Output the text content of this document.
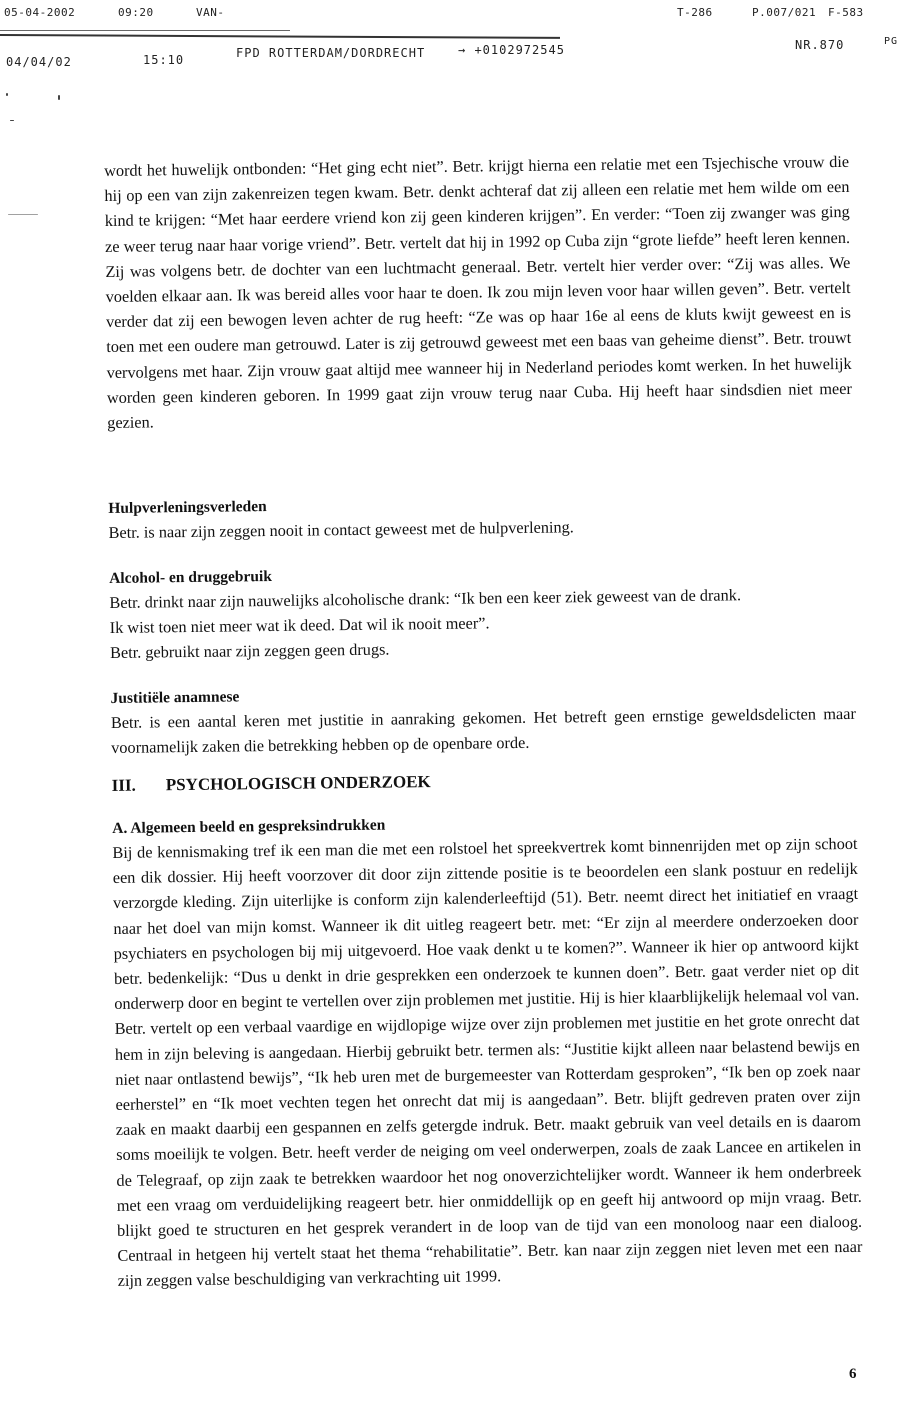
05-04-2002	09:20	VAN-	T-286	P.007/021 F-583
04/04/02	15:10	FPD ROTTERDAM/DORDRECHT	→ +0102972545	NR.870	PG

wordt het huwelijk ontbonden: “Het ging echt niet”. Betr. krijgt hierna een relatie met een Tsjechische vrouw die hij op een van zijn zakenreizen tegen kwam. Betr. denkt achteraf dat zij alleen een relatie met hem wilde om een kind te krijgen: “Met haar eerdere vriend kon zij geen kinderen krijgen”. En verder: “Toen zij zwanger was ging ze weer terug naar haar vorige vriend”. Betr. vertelt dat hij in 1992 op Cuba zijn “grote liefde” heeft leren kennen. Zij was volgens betr. de dochter van een luchtmacht generaal. Betr. vertelt hier verder over: “Zij was alles. We voelden elkaar aan. Ik was bereid alles voor haar te doen. Ik zou mijn leven voor haar willen geven”. Betr. vertelt verder dat zij een bewogen leven achter de rug heeft: “Ze was op haar 16e al eens de kluts kwijt geweest en is toen met een oudere man getrouwd. Later is zij getrouwd geweest met een baas van geheime dienst”. Betr. trouwt vervolgens met haar. Zijn vrouw gaat altijd mee wanneer hij in Nederland periodes komt werken. In het huwelijk worden geen kinderen geboren. In 1999 gaat zijn vrouw terug naar Cuba. Hij heeft haar sindsdien niet meer gezien.

Hulpverleningsverleden

Betr. is naar zijn zeggen nooit in contact geweest met de hulpverlening.

Alcohol- en druggebruik

Betr. drinkt naar zijn nauwelijks alcoholische drank: “Ik ben een keer ziek geweest van de drank.

Ik wist toen niet meer wat ik deed. Dat wil ik nooit meer”.

Betr. gebruikt naar zijn zeggen geen drugs.

Justitiële anamnese

Betr. is een aantal keren met justitie in aanraking gekomen. Het betreft geen ernstige geweldsdelicten maar voornamelijk zaken die betrekking hebben op de openbare orde.

III. PSYCHOLOGISCH ONDERZOEK
A. Algemeen beeld en gespreksindrukken

Bij de kennismaking tref ik een man die met een rolstoel het spreekvertrek komt binnenrijden met op zijn schoot een dik dossier. Hij heeft voorzover dit door zijn zittende positie is te beoordelen een slank postuur en redelijk verzorgde kleding. Zijn uiterlijke is conform zijn kalenderleeftijd (51). Betr. neemt direct het initiatief en vraagt naar het doel van mijn komst. Wanneer ik dit uitleg reageert betr. met: “Er zijn al meerdere onderzoeken door psychiaters en psychologen bij mij uitgevoerd. Hoe vaak denkt u te komen?”. Wanneer ik hier op antwoord kijkt betr. bedenkelijk: “Dus u denkt in drie gesprekken een onderzoek te kunnen doen”. Betr. gaat verder niet op dit onderwerp door en begint te vertellen over zijn problemen met justitie. Hij is hier klaarblijkelijk helemaal vol van. Betr. vertelt op een verbaal vaardige en wijdlopige wijze over zijn problemen met justitie en het grote onrecht dat hem in zijn beleving is aangedaan. Hierbij gebruikt betr. termen als: “Justitie kijkt alleen naar belastend bewijs en niet naar ontlastend bewijs”, “Ik heb uren met de burgemeester van Rotterdam gesproken”, “Ik ben op zoek naar eerherstel” en “Ik moet vechten tegen het onrecht dat mij is aangedaan”. Betr. blijft gedreven praten over zijn zaak en maakt daarbij een gespannen en zelfs getergde indruk. Betr. maakt gebruik van veel details en is daarom soms moeilijk te volgen. Betr. heeft verder de neiging om veel onderwerpen, zoals de zaak Lancee en artikelen in de Telegraaf, op zijn zaak te betrekken waardoor het nog onoverzichtelijker wordt. Wanneer ik hem onderbreek met een vraag om verduidelijking reageert betr. hier onmiddellijk op en geeft hij antwoord op mijn vraag. Betr. blijkt goed te structuren en het gesprek verandert in de loop van de tijd van een monoloog naar een dialoog. Centraal in hetgeen hij vertelt staat het thema “rehabilitatie”. Betr. kan naar zijn zeggen niet leven met een naar zijn zeggen valse beschuldiging van verkrachting uit 1999.

6
